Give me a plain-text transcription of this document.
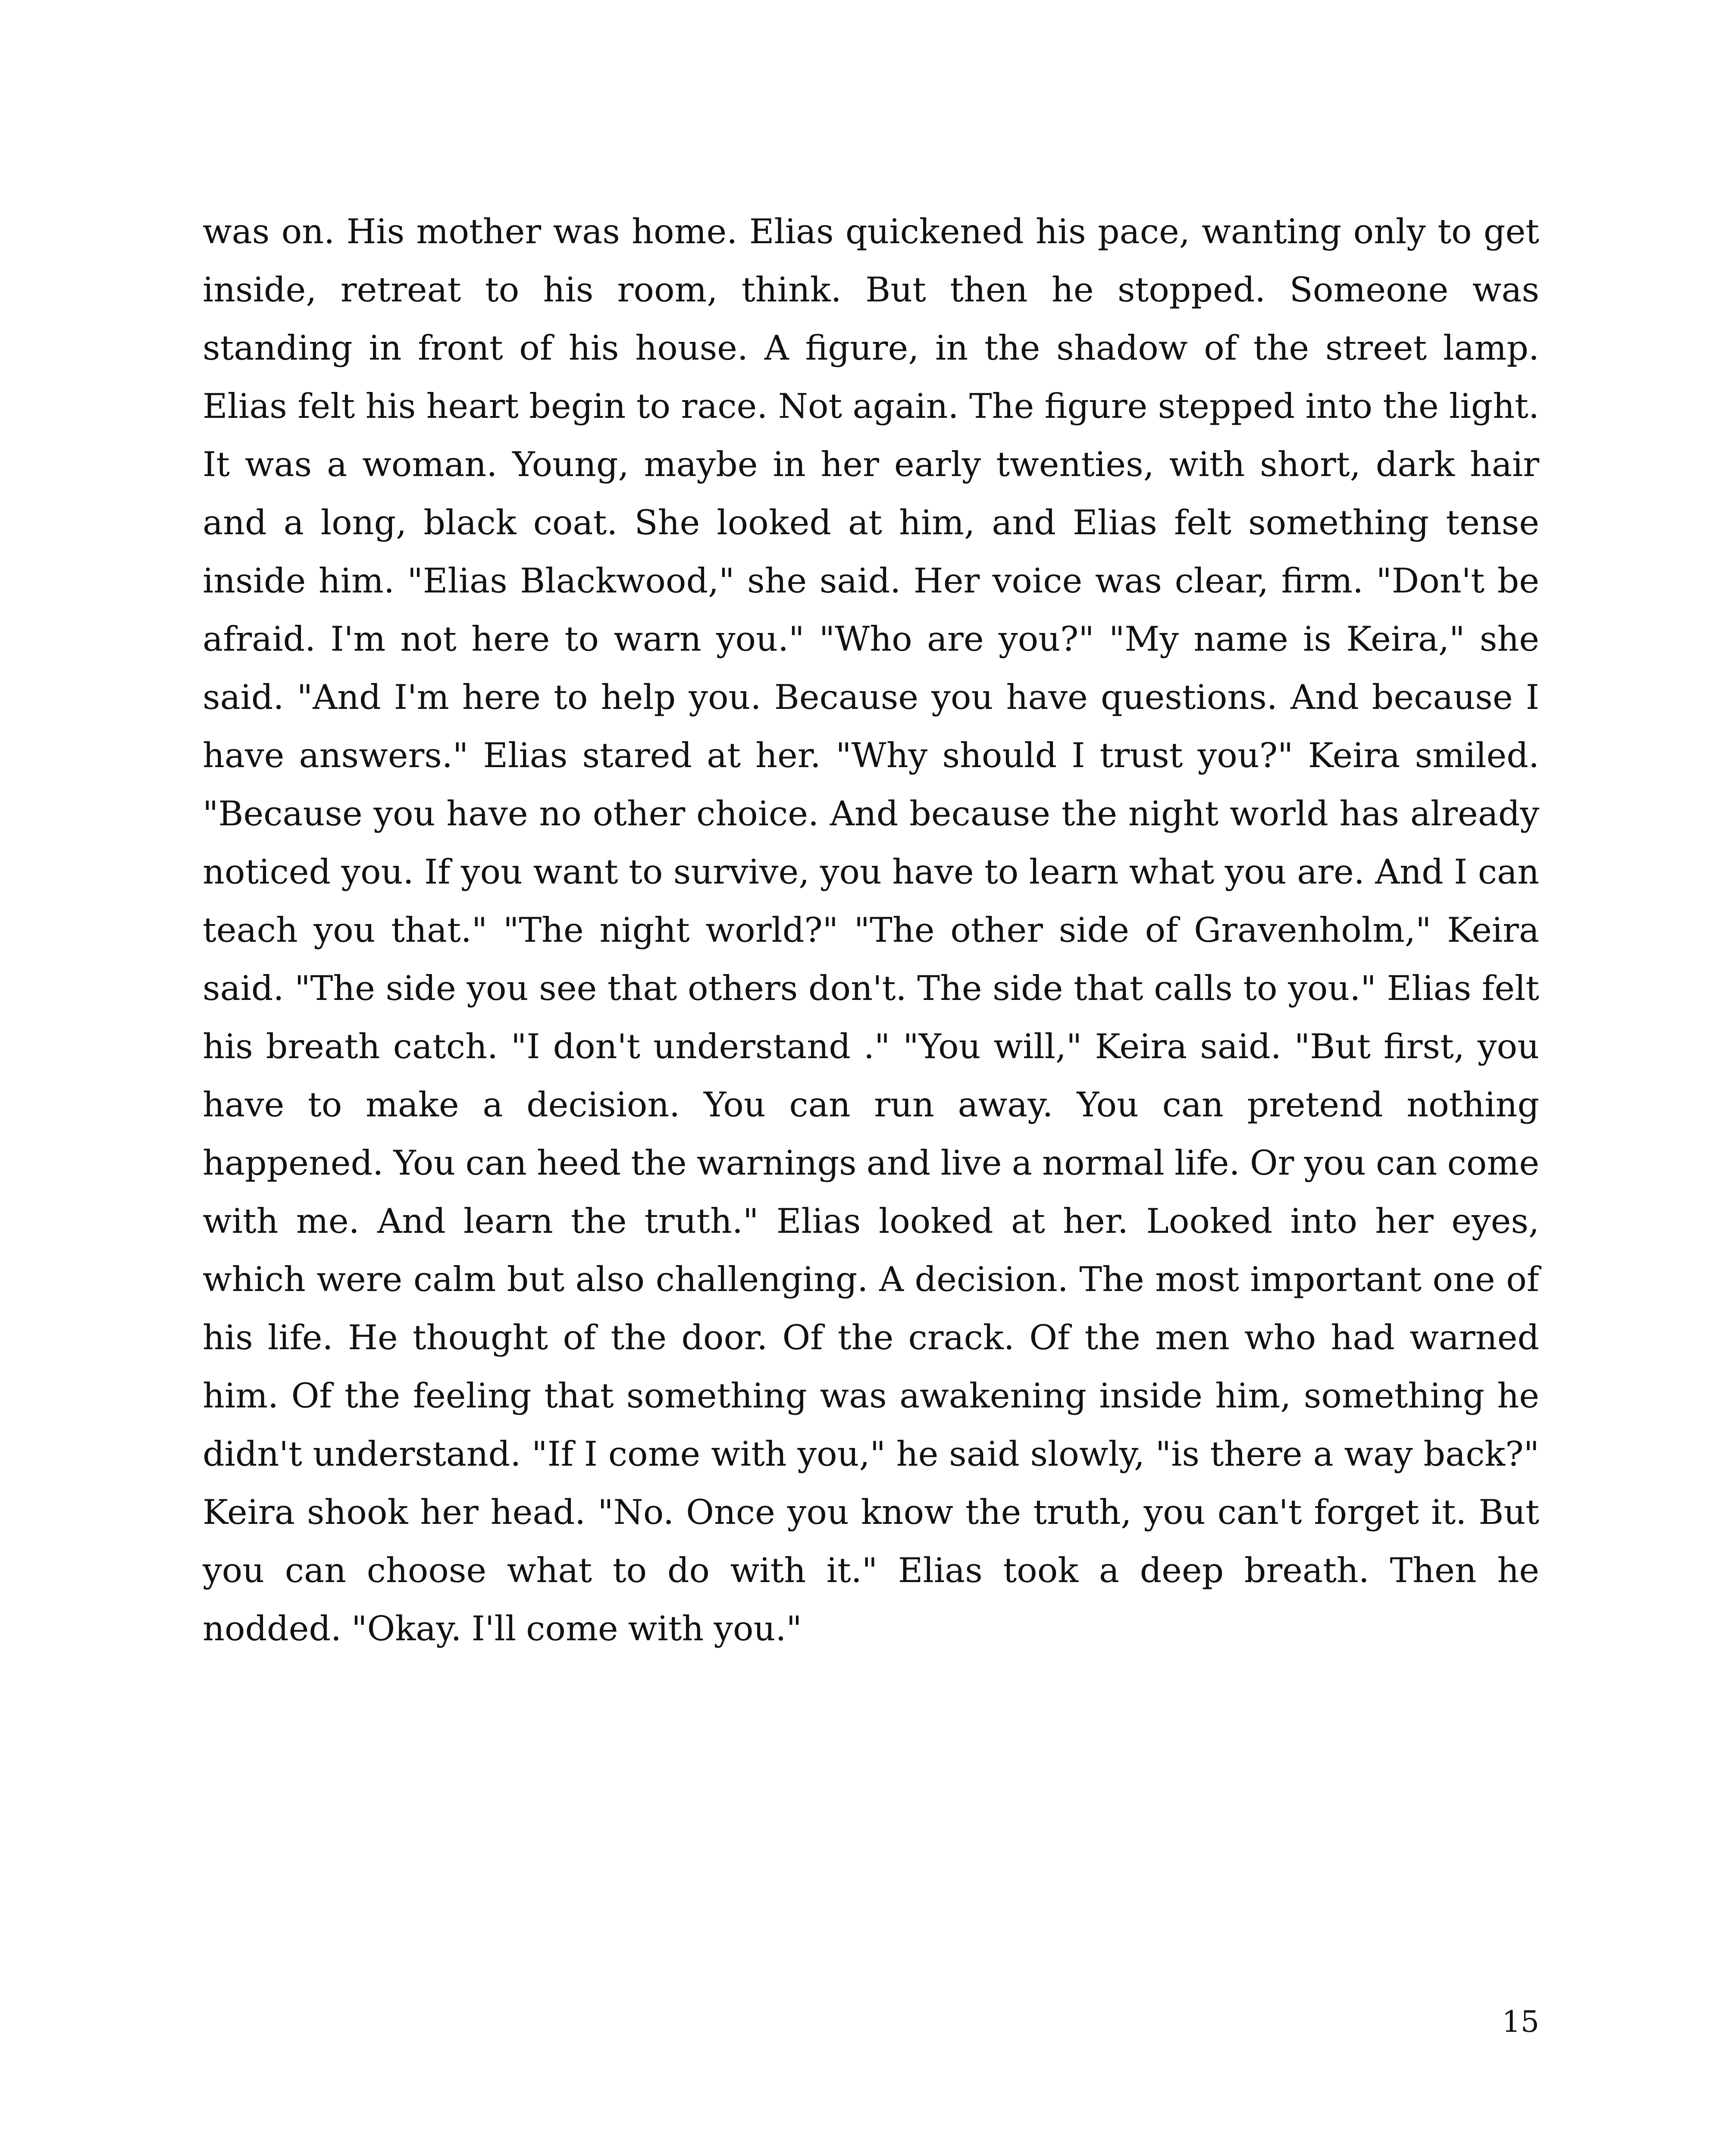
was on. His mother was home. Elias quickened his pace, wanting only to get inside, retreat to his room, think. But then he stopped. Someone was standing in front of his house. A figure, in the shadow of the street lamp. Elias felt his heart begin to race. Not again. The figure stepped into the light. It was a woman. Young, maybe in her early twenties, with short, dark hair and a long, black coat. She looked at him, and Elias felt something tense inside him. "Elias Blackwood," she said. Her voice was clear, firm. "Don't be afraid. I'm not here to warn you." "Who are you?" "My name is Keira," she said. "And I'm here to help you. Because you have questions. And because I have answers." Elias stared at her. "Why should I trust you?" Keira smiled. "Because you have no other choice. And because the night world has already noticed you. If you want to survive, you have to learn what you are. And I can teach you that." "The night world?" "The other side of Gravenholm," Keira said. "The side you see that others don't. The side that calls to you." Elias felt his breath catch. "I don't understand ." "You will," Keira said. "But first, you have to make a decision. You can run away. You can pretend nothing happened. You can heed the warnings and live a normal life. Or you can come with me. And learn the truth." Elias looked at her. Looked into her eyes, which were calm but also challenging. A decision. The most important one of his life. He thought of the door. Of the crack. Of the men who had warned him. Of the feeling that something was awakening inside him, something he didn't understand. "If I come with you," he said slowly, "is there a way back?" Keira shook her head. "No. Once you know the truth, you can't forget it. But you can choose what to do with it." Elias took a deep breath. Then he nodded. "Okay. I'll come with you."

15
